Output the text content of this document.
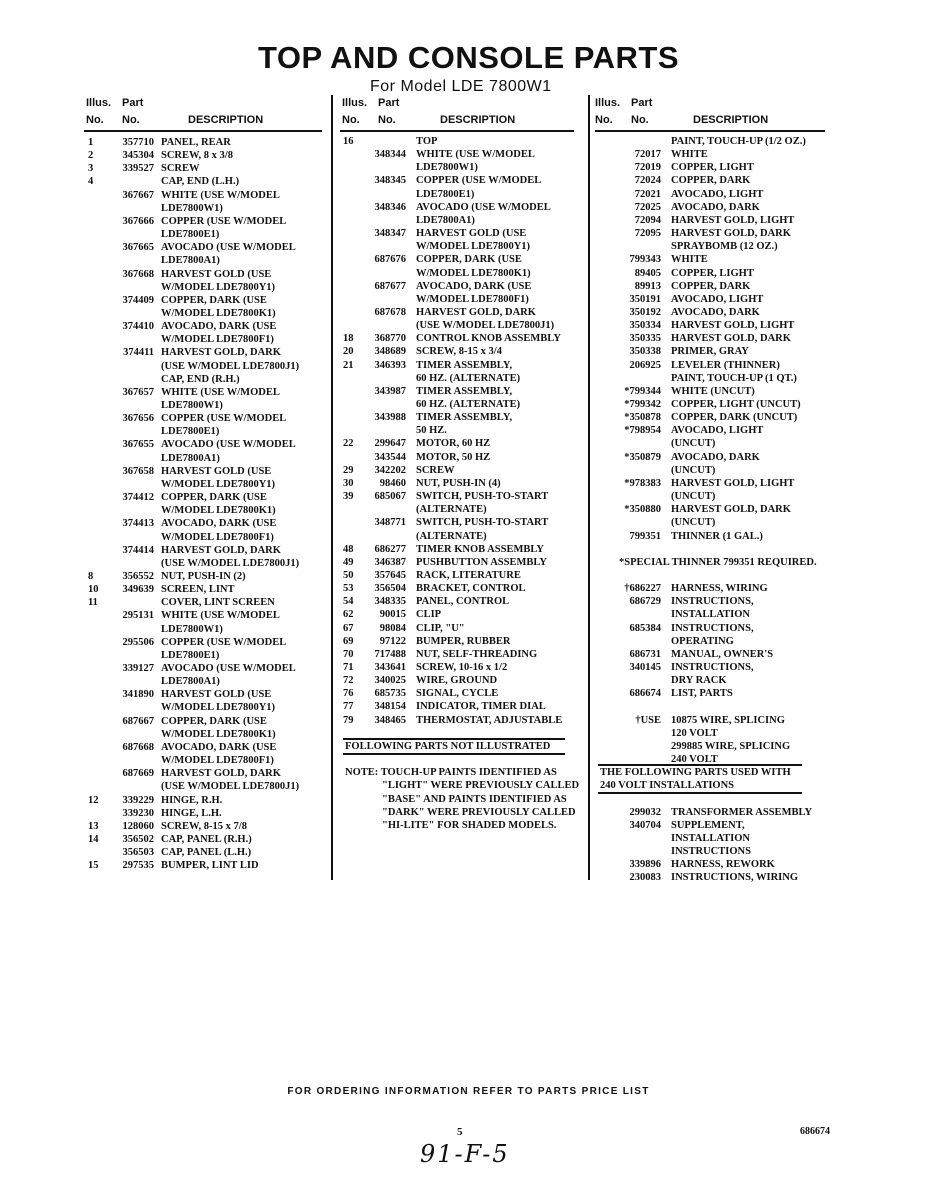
TOP AND CONSOLE PARTS
For Model LDE 7800W1
Illus. Part
No. No.	DESCRIPTION
Illus. Part
No. No.	DESCRIPTION
Illus. Part
No. No.	DESCRIPTION
1	357710 PANEL, REAR
2	345304 SCREW, 8 x 3/8
3	339527 SCREW
4	CAP, END (L.H.)
367667 WHITE (USE W/MODEL
LDE7800W1)
367666 COPPER (USE W/MODEL
LDE7800E1)
367665 AVOCADO (USE W/MODEL
LDE7800A1)
367668 HARVEST GOLD (USE
W/MODEL LDE7800Y1)
374409 COPPER, DARK (USE
W/MODEL LDE7800K1)
374410 AVOCADO, DARK (USE
W/MODEL LDE7800F1)
374411 HARVEST GOLD, DARK
(USE W/MODEL LDE7800J1)
CAP, END (R.H.)
367657 WHITE (USE W/MODEL
LDE7800W1)
367656 COPPER (USE W/MODEL
LDE7800E1)
367655 AVOCADO (USE W/MODEL
LDE7800A1)
367658 HARVEST GOLD (USE
W/MODEL LDE7800Y1)
374412 COPPER, DARK (USE
W/MODEL LDE7800K1)
374413 AVOCADO, DARK (USE
W/MODEL LDE7800F1)
374414 HARVEST GOLD, DARK
(USE W/MODEL LDE7800J1)
8	356552 NUT, PUSH-IN (2)
10	349639 SCREEN, LINT
11	COVER, LINT SCREEN
295131 WHITE (USE W/MODEL
LDE7800W1)
295506 COPPER (USE W/MODEL
LDE7800E1)
339127 AVOCADO (USE W/MODEL
LDE7800A1)
341890 HARVEST GOLD (USE
W/MODEL LDE7800Y1)
687667 COPPER, DARK (USE
W/MODEL LDE7800K1)
687668 AVOCADO, DARK (USE
W/MODEL LDE7800F1)
687669 HARVEST GOLD, DARK
(USE W/MODEL LDE7800J1)
12	339229 HINGE, R.H.
339230 HINGE, L.H.
13	128060 SCREW, 8-15 x 7/8
14	356502 CAP, PANEL (R.H.)
356503 CAP, PANEL (L.H.)
15	297535 BUMPER, LINT LID
16	TOP
348344 WHITE (USE W/MODEL
LDE7800W1)
348345 COPPER (USE W/MODEL
LDE7800E1)
348346 AVOCADO (USE W/MODEL
LDE7800A1)
348347 HARVEST GOLD (USE
W/MODEL LDE7800Y1)
687676 COPPER, DARK (USE
W/MODEL LDE7800K1)
687677 AVOCADO, DARK (USE
W/MODEL LDE7800F1)
687678 HARVEST GOLD, DARK
(USE W/MODEL LDE7800J1)
18	368770 CONTROL KNOB ASSEMBLY
20	348689 SCREW, 8-15 x 3/4
21	346393 TIMER ASSEMBLY,
60 HZ. (ALTERNATE)
343987 TIMER ASSEMBLY,
60 HZ. (ALTERNATE)
343988 TIMER ASSEMBLY,
50 HZ.
22	299647 MOTOR, 60 HZ
343544 MOTOR, 50 HZ
29	342202 SCREW
30	98460 NUT, PUSH-IN (4)
39	685067 SWITCH, PUSH-TO-START
(ALTERNATE)
348771 SWITCH, PUSH-TO-START
(ALTERNATE)
48	686277 TIMER KNOB ASSEMBLY
49	346387 PUSHBUTTON ASSEMBLY
50	357645 RACK, LITERATURE
53	356504 BRACKET, CONTROL
54	348335 PANEL, CONTROL
62	90015 CLIP
67	98084 CLIP, "U"
69	97122 BUMPER, RUBBER
70	717488 NUT, SELF-THREADING
71	343641 SCREW, 10-16 x 1/2
72	340025 WIRE, GROUND
76	685735 SIGNAL, CYCLE
77	348154 INDICATOR, TIMER DIAL
79	348465 THERMOSTAT, ADJUSTABLE
FOLLOWING PARTS NOT ILLUSTRATED
NOTE: TOUCH-UP PAINTS IDENTIFIED AS
"LIGHT" WERE PREVIOUSLY CALLED
"BASE" AND PAINTS IDENTIFIED AS
"DARK" WERE PREVIOUSLY CALLED
"HI-LITE" FOR SHADED MODELS.
PAINT, TOUCH-UP (1/2 OZ.)
72017 WHITE
72019 COPPER, LIGHT
72024 COPPER, DARK
72021 AVOCADO, LIGHT
72025 AVOCADO, DARK
72094 HARVEST GOLD, LIGHT
72095 HARVEST GOLD, DARK
SPRAYBOMB (12 OZ.)
799343 WHITE
89405 COPPER, LIGHT
89913 COPPER, DARK
350191 AVOCADO, LIGHT
350192 AVOCADO, DARK
350334 HARVEST GOLD, LIGHT
350335 HARVEST GOLD, DARK
350338 PRIMER, GRAY
206925 LEVELER (THINNER)
PAINT, TOUCH-UP (1 QT.)
*799344 WHITE (UNCUT)
*799342 COPPER, LIGHT (UNCUT)
*350878 COPPER, DARK (UNCUT)
*798954 AVOCADO, LIGHT
(UNCUT)
*350879 AVOCADO, DARK
(UNCUT)
*978383 HARVEST GOLD, LIGHT
(UNCUT)
*350880 HARVEST GOLD, DARK
(UNCUT)
799351 THINNER (1 GAL.)
*SPECIAL THINNER 799351 REQUIRED.
†686227 HARNESS, WIRING
686729 INSTRUCTIONS,
INSTALLATION
685384 INSTRUCTIONS,
OPERATING
686731 MANUAL, OWNER'S
340145 INSTRUCTIONS,
DRY RACK
686674 LIST, PARTS
†USE 10875 WIRE, SPLICING
120 VOLT
299885 WIRE, SPLICING
240 VOLT
THE FOLLOWING PARTS USED WITH
240 VOLT INSTALLATIONS
299032 TRANSFORMER ASSEMBLY
340704 SUPPLEMENT,
INSTALLATION
INSTRUCTIONS
339896 HARNESS, REWORK
230083 INSTRUCTIONS, WIRING
FOR ORDERING INFORMATION REFER TO PARTS PRICE LIST
5	686674
91-F-5
